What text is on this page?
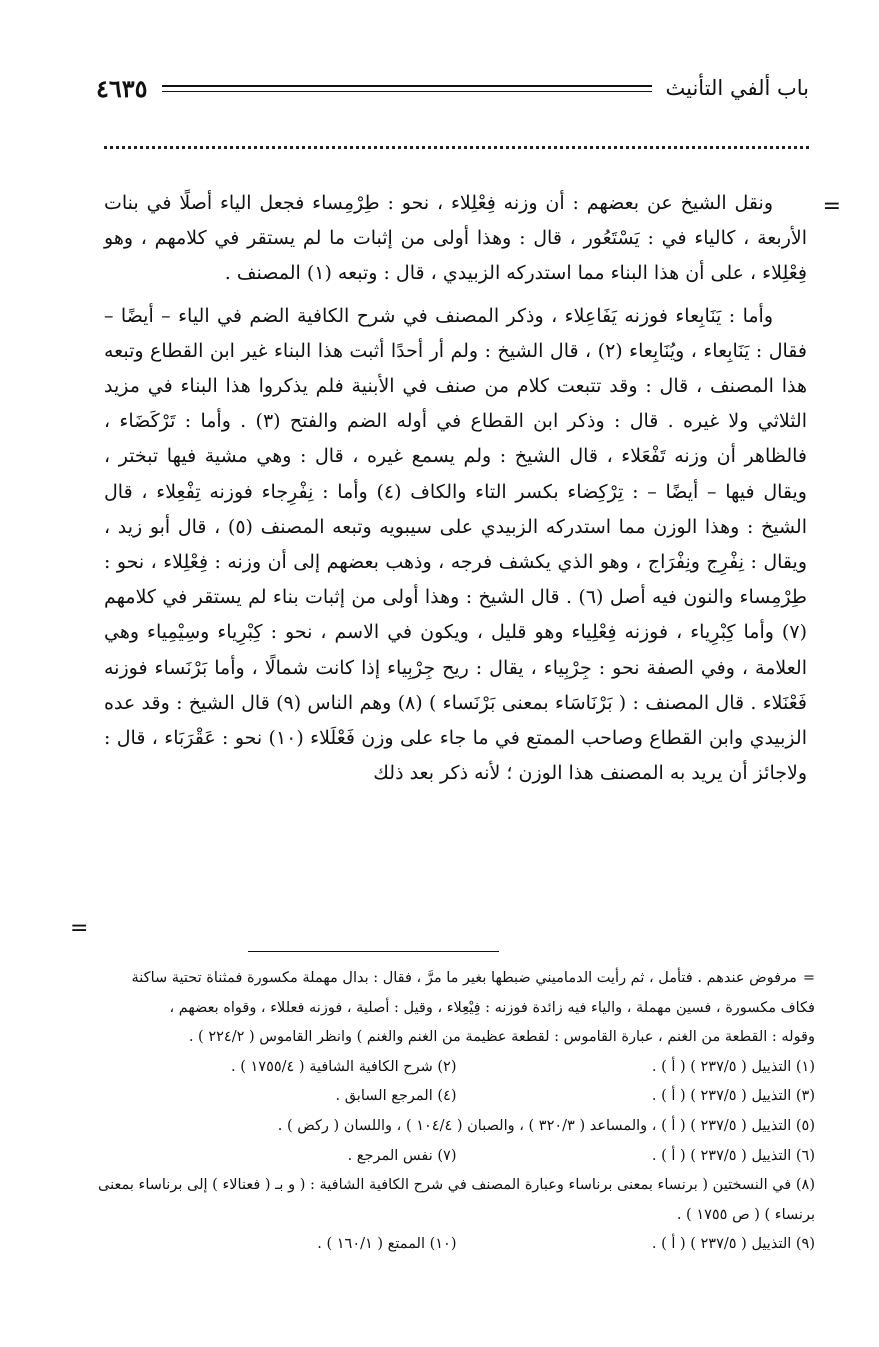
باب ألفي التأنيث
٤٦٣٥
=

ونقل الشيخ عن بعضهم : أن وزنه فِعْلِلاء ، نحو : طِرْمِساء فجعل الياء أصلًا في بنات الأربعة ، كالياء في : يَسْتَعُور ، قال : وهذا أولى من إثبات ما لم يستقر في كلامهم ، وهو فِعْلِلاء ، على أن هذا البناء مما استدركه الزبيدي ، قال : وتبعه (١) المصنف .

وأما : يَنَابِعاء فوزنه يَفَاعِلاء ، وذكر المصنف في شرح الكافية الضم في الياء – أيضًا – فقال : يَنَابِعاء ، ويُنَابِعاء (٢) ، قال الشيخ : ولم أر أحدًا أثبت هذا البناء غير ابن القطاع وتبعه هذا المصنف ، قال : وقد تتبعت كلام من صنف في الأبنية فلم يذكروا هذا البناء في مزيد الثلاثي ولا غيره . قال : وذكر ابن القطاع في أوله الضم والفتح (٣) . وأما : تَرْكَضَاء ، فالظاهر أن وزنه تَفْعَلاء ، قال الشيخ : ولم يسمع غيره ، قال : وهي مشية فيها تبختر ، ويقال فيها – أيضًا – : تِرْكِضاء بكسر التاء والكاف (٤) وأما : نِفْرِجاء فوزنه تِفْعِلاء ، قال الشيخ : وهذا الوزن مما استدركه الزبيدي على سيبويه وتبعه المصنف (٥) ، قال أبو زيد ، ويقال : نِفْرِج ونِفْرَاج ، وهو الذي يكشف فرجه ، وذهب بعضهم إلى أن وزنه : فِعْلِلاء ، نحو : طِرْمِساء والنون فيه أصل (٦) . قال الشيخ : وهذا أولى من إثبات بناء لم يستقر في كلامهم (٧) وأما كِبْرِياء ، فوزنه فِعْلِياء وهو قليل ، ويكون في الاسم ، نحو : كِبْرِياء وسِيْمِياء وهي العلامة ، وفي الصفة نحو : جِرْبِياء ، يقال : ريح جِرْبِياء إذا كانت شمالًا ، وأما بَرْنَساء فوزنه فَعْنَلاء . قال المصنف : ( بَرْنَاسَاء بمعنى بَرْنَساء ) (٨) وهم الناس (٩) قال الشيخ : وقد عده الزبيدي وابن القطاع وصاحب الممتع في ما جاء على وزن فَعْلَلاء (١٠) نحو : عَقْرَبَاء ، قال : ولاجائز أن يريد به المصنف هذا الوزن ؛ لأنه ذكر بعد ذلك

=
=مرفوض عندهم . فتأمل ، ثم رأيت الدماميني ضبطها بغير ما مرَّ ، فقال : بدال مهملة مكسورة فمثناة تحتية ساكنة
فكاف مكسورة ، فسين مهملة ، والياء فيه زائدة فوزنه : فِيْعِلاء ، وقيل : أصلية ، فوزنه فعللاء ، وقواه بعضهم ،
وقوله : القطعة من الغنم ، عبارة القاموس : لقطعة عظيمة من الغنم والغنم ) وانظر القاموس ( ٢٢٤/٢ ) .
(١) التذييل ( ٢٣٧/٥ ) ( أ ) .
(٢) شرح الكافية الشافية ( ١٧٥٥/٤ ) .
(٣) التذييل ( ٢٣٧/٥ ) ( أ ) .
(٤) المرجع السابق .
(٥) التذييل ( ٢٣٧/٥ ) ( أ ) ، والمساعد ( ٣٢٠/٣ ) ، والصبان ( ١٠٤/٤ ) ، واللسان ( ركض ) .
(٦) التذييل ( ٢٣٧/٥ ) ( أ ) .
(٧) نفس المرجع .
(٨) في النسختين ( برنساء بمعنى برناساء وعبارة المصنف في شرح الكافية الشافية : ( و بـ ( فعنالاء ) إلى برناساء بمعنى برنساء ) ( ص ١٧٥٥ ) .
(٩) التذييل ( ٢٣٧/٥ ) ( أ ) .
(١٠) الممتع ( ١٦٠/١ ) .
